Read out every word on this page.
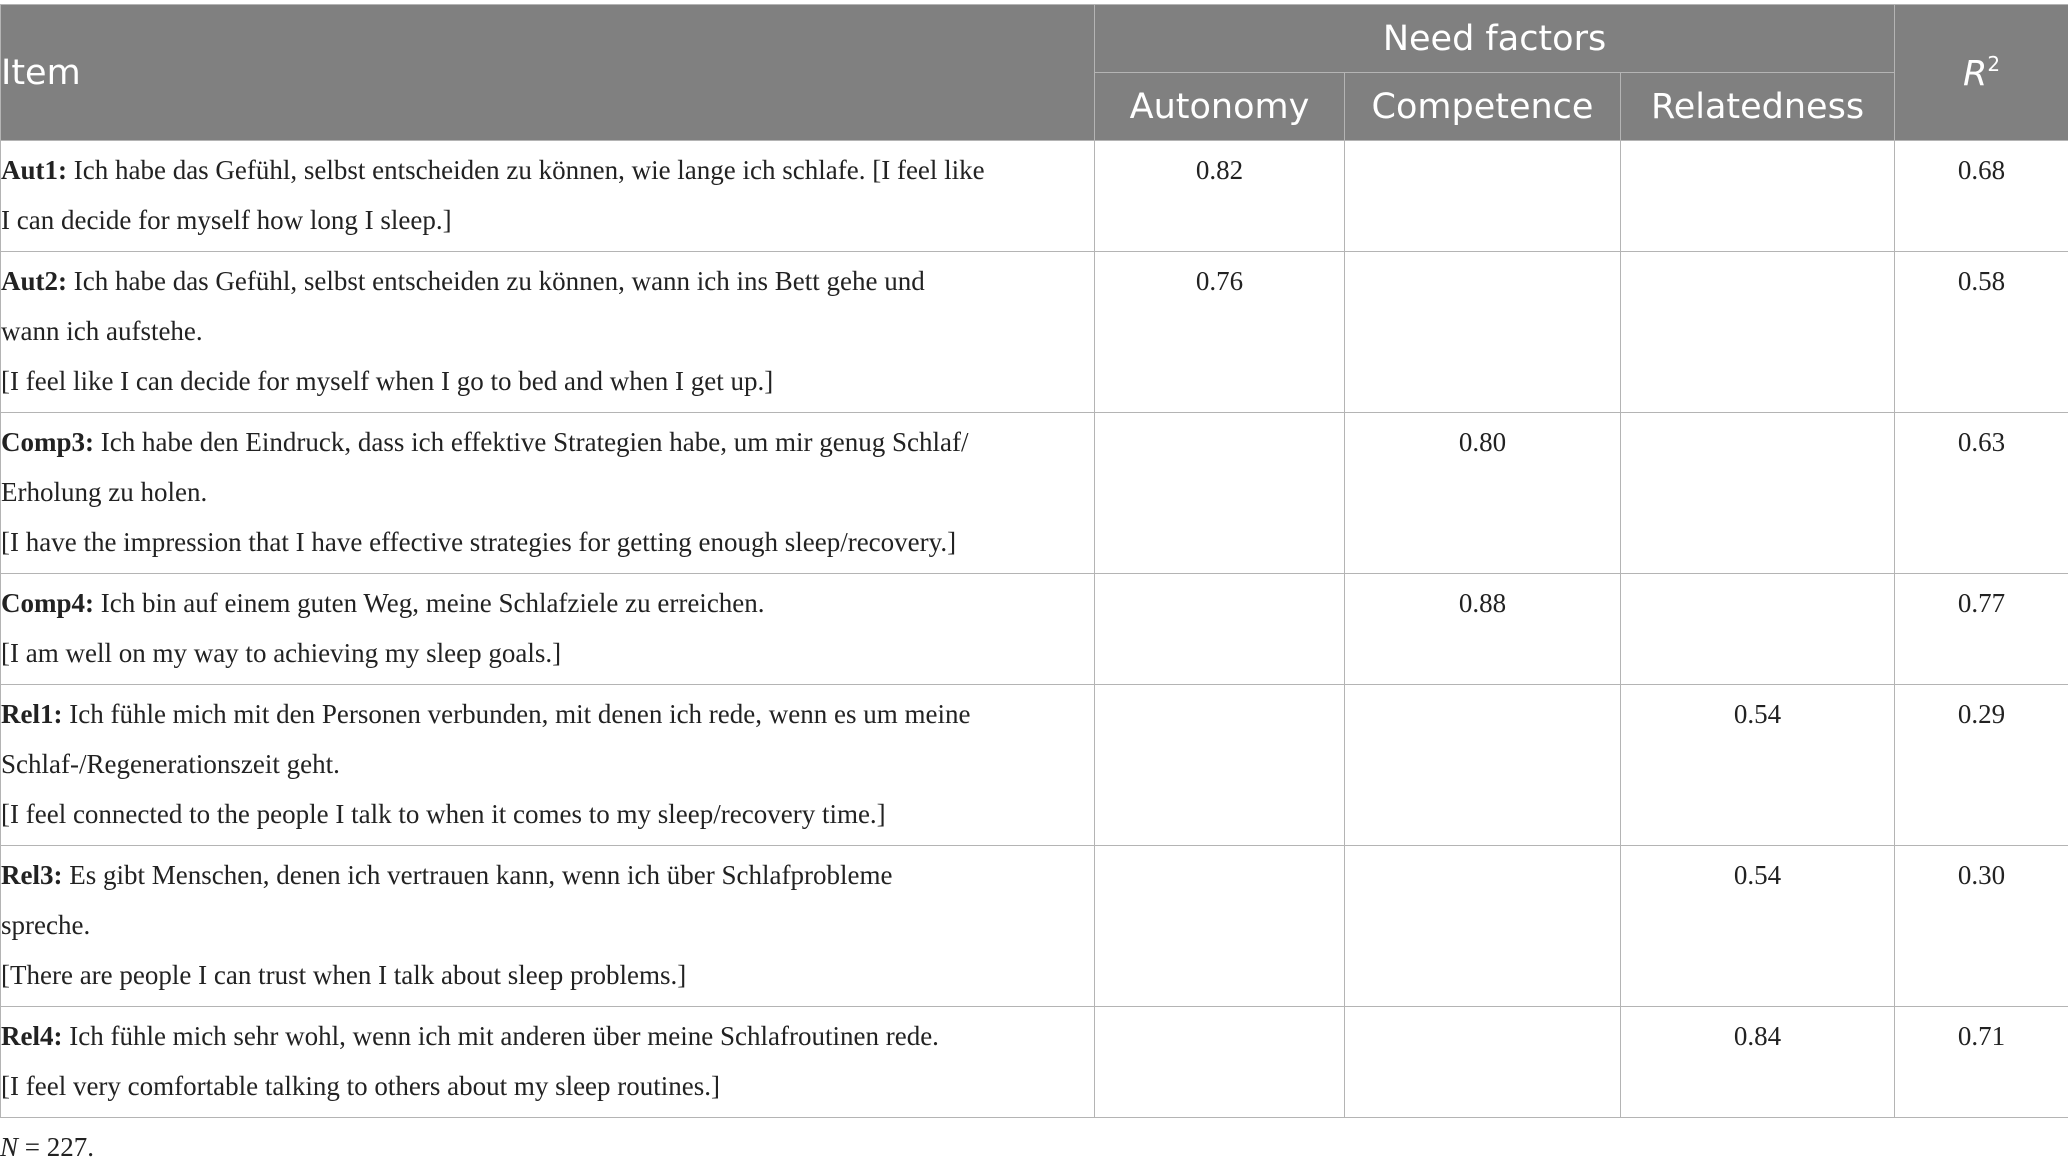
Item	Need factors			$R^2$
	Autonomy	Competence	Relatedness	

Aut1: Ich habe das Gefühl, selbst entscheiden zu können, wie lange ich schlafe. [I feel like
I can decide for myself how long I sleep.]	0.82			0.68

Aut2: Ich habe das Gefühl, selbst entscheiden zu können, wann ich ins Bett gehe und
wann ich aufstehe.
[I feel like I can decide for myself when I go to bed and when I get up.]	0.76			0.58

Comp3: Ich habe den Eindruck, dass ich effektive Strategien habe, um mir genug Schlaf/
Erholung zu holen.
[I have the impression that I have effective strategies for getting enough sleep/recovery.]		0.80		0.63

Comp4: Ich bin auf einem guten Weg, meine Schlafziele zu erreichen.
[I am well on my way to achieving my sleep goals.]		0.88		0.77

Rel1: Ich fühle mich mit den Personen verbunden, mit denen ich rede, wenn es um meine
Schlaf-/Regenerationszeit geht.
[I feel connected to the people I talk to when it comes to my sleep/recovery time.]			0.54	0.29

Rel3: Es gibt Menschen, denen ich vertrauen kann, wenn ich über Schlafprobleme
spreche.
[There are people I can trust when I talk about sleep problems.]			0.54	0.30

Rel4: Ich fühle mich sehr wohl, wenn ich mit anderen über meine Schlafroutinen rede.
[I feel very comfortable talking to others about my sleep routines.]			0.84	0.71
N = 227.
